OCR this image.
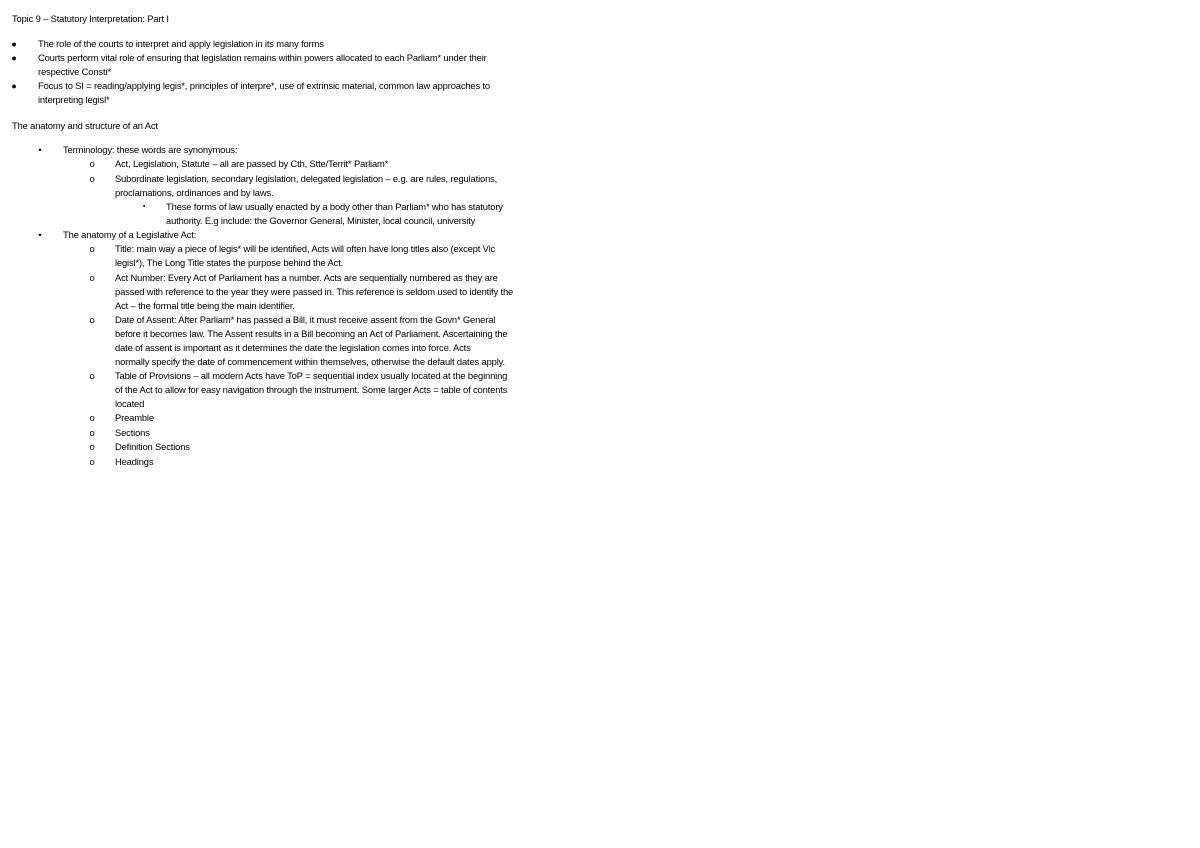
Topic 9 – Statutory Interpretation: Part I
● The role of the courts to interpret and apply legislation in its many forms
● Courts perform vital role of ensuring that legislation remains within powers allocated to each Parliam* under their
respective Consti*
● Focus to SI = reading/applying legis*, principles of interpre*, use of extrinsic material, common law approaches to
interpreting legisl*
The anatomy and structure of an Act
•	Terminology: these words are synonymous:
o Act, Legislation, Statute – all are passed by Cth, Stte/Territ* Parliam*
o Subordinate legislation, secondary legislation, delegated legislation – e.g. are rules, regulations,
proclamations, ordinances and by laws.
▪	These forms of law usually enacted by a body other than Parliam* who has statutory
authority. E.g include: the Governor General, Minister, local council, university
•	The anatomy of a Legislative Act:
o Title: main way a piece of legis* will be identified, Acts will often have long titles also (except Vic
legisl*), The Long Title states the purpose behind the Act.
o Act Number: Every Act of Parliament has a number. Acts are sequentially numbered as they are
passed with reference to the year they were passed in. This reference is seldom used to identify the
Act – the formal title being the main identifier.
o Date of Assent: After Parliam* has passed a Bill, it must receive assent from the Govn* General
before it becomes law. The Assent results in a Bill becoming an Act of Parliament. Ascertaining the
date of assent is important as it determines the date the legislation comes into force. Acts
normally specify the date of commencement within themselves, otherwise the default dates apply.
o Table of Provisions – all modern Acts have ToP = sequential index usually located at the beginning
of the Act to allow for easy navigation through the instrument. Some larger Acts = table of contents
located
o Preamble
o Sections
o Definition Sections
o Headings
